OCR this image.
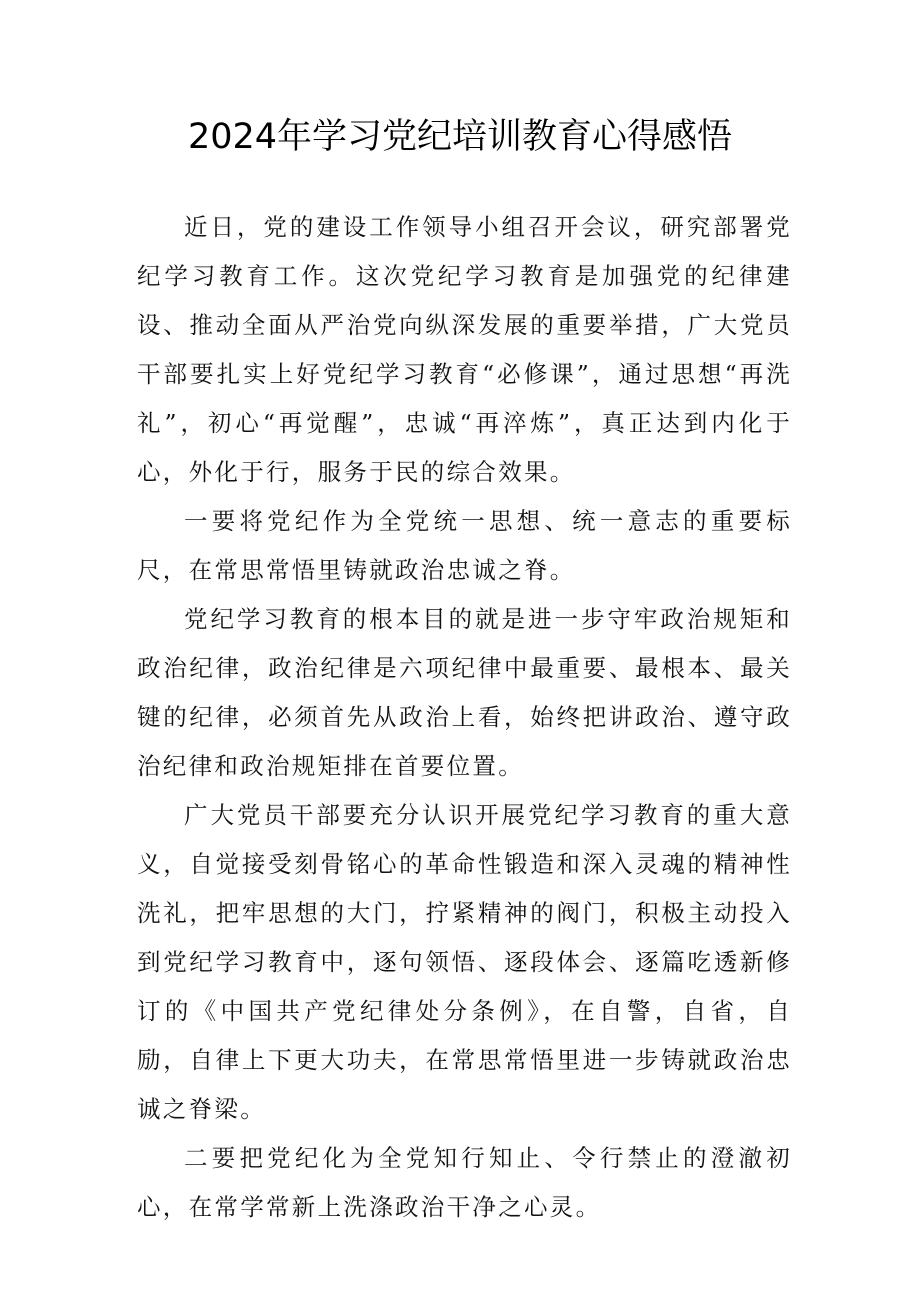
2024年学习党纪培训教育心得感悟

近日，党的建设工作领导小组召开会议，研究部署党纪学习教育工作。这次党纪学习教育是加强党的纪律建设、推动全面从严治党向纵深发展的重要举措，广大党员干部要扎实上好党纪学习教育“必修课”，通过思想“再洗礼”，初心“再觉醒”，忠诚“再淬炼”，真正达到内化于心，外化于行，服务于民的综合效果。

一要将党纪作为全党统一思想、统一意志的重要标尺，在常思常悟里铸就政治忠诚之脊。

党纪学习教育的根本目的就是进一步守牢政治规矩和政治纪律，政治纪律是六项纪律中最重要、最根本、最关键的纪律，必须首先从政治上看，始终把讲政治、遵守政治纪律和政治规矩排在首要位置。

广大党员干部要充分认识开展党纪学习教育的重大意义，自觉接受刻骨铭心的革命性锻造和深入灵魂的精神性洗礼，把牢思想的大门，拧紧精神的阀门，积极主动投入到党纪学习教育中，逐句领悟、逐段体会、逐篇吃透新修订的《中国共产党纪律处分条例》，在自警，自省，自励，自律上下更大功夫，在常思常悟里进一步铸就政治忠诚之脊梁。

二要把党纪化为全党知行知止、令行禁止的澄澈初心，在常学常新上洗涤政治干净之心灵。
